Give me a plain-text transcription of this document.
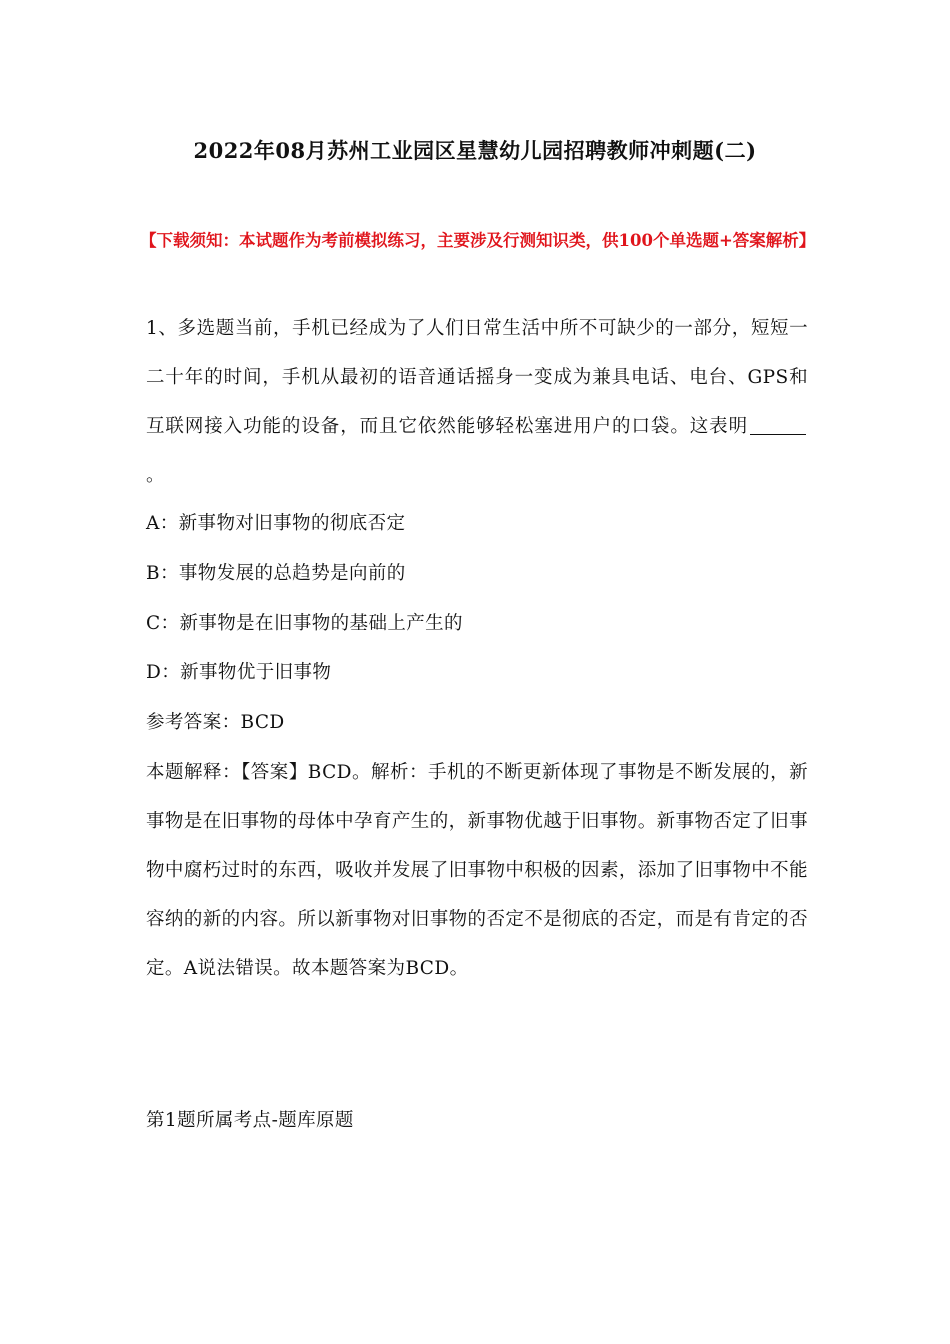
2022年08月苏州工业园区星慧幼儿园招聘教师冲刺题(二)
【下载须知：本试题作为考前模拟练习，主要涉及行测知识类，供100个单选题+答案解析】
1、多选题当前，手机已经成为了人们日常生活中所不可缺少的一部分，短短一二十年的时间，手机从最初的语音通话摇身一变成为兼具电话、电台、GPS和互联网接入功能的设备，而且它依然能够轻松塞进用户的口袋。这表明。
A：新事物对旧事物的彻底否定
B：事物发展的总趋势是向前的
C：新事物是在旧事物的基础上产生的
D：新事物优于旧事物
参考答案：BCD
本题解释：【答案】BCD。解析：手机的不断更新体现了事物是不断发展的，新事物是在旧事物的母体中孕育产生的，新事物优越于旧事物。新事物否定了旧事物中腐朽过时的东西，吸收并发展了旧事物中积极的因素，添加了旧事物中不能容纳的新的内容。所以新事物对旧事物的否定不是彻底的否定，而是有肯定的否定。A说法错误。故本题答案为BCD。
第1题所属考点-题库原题
